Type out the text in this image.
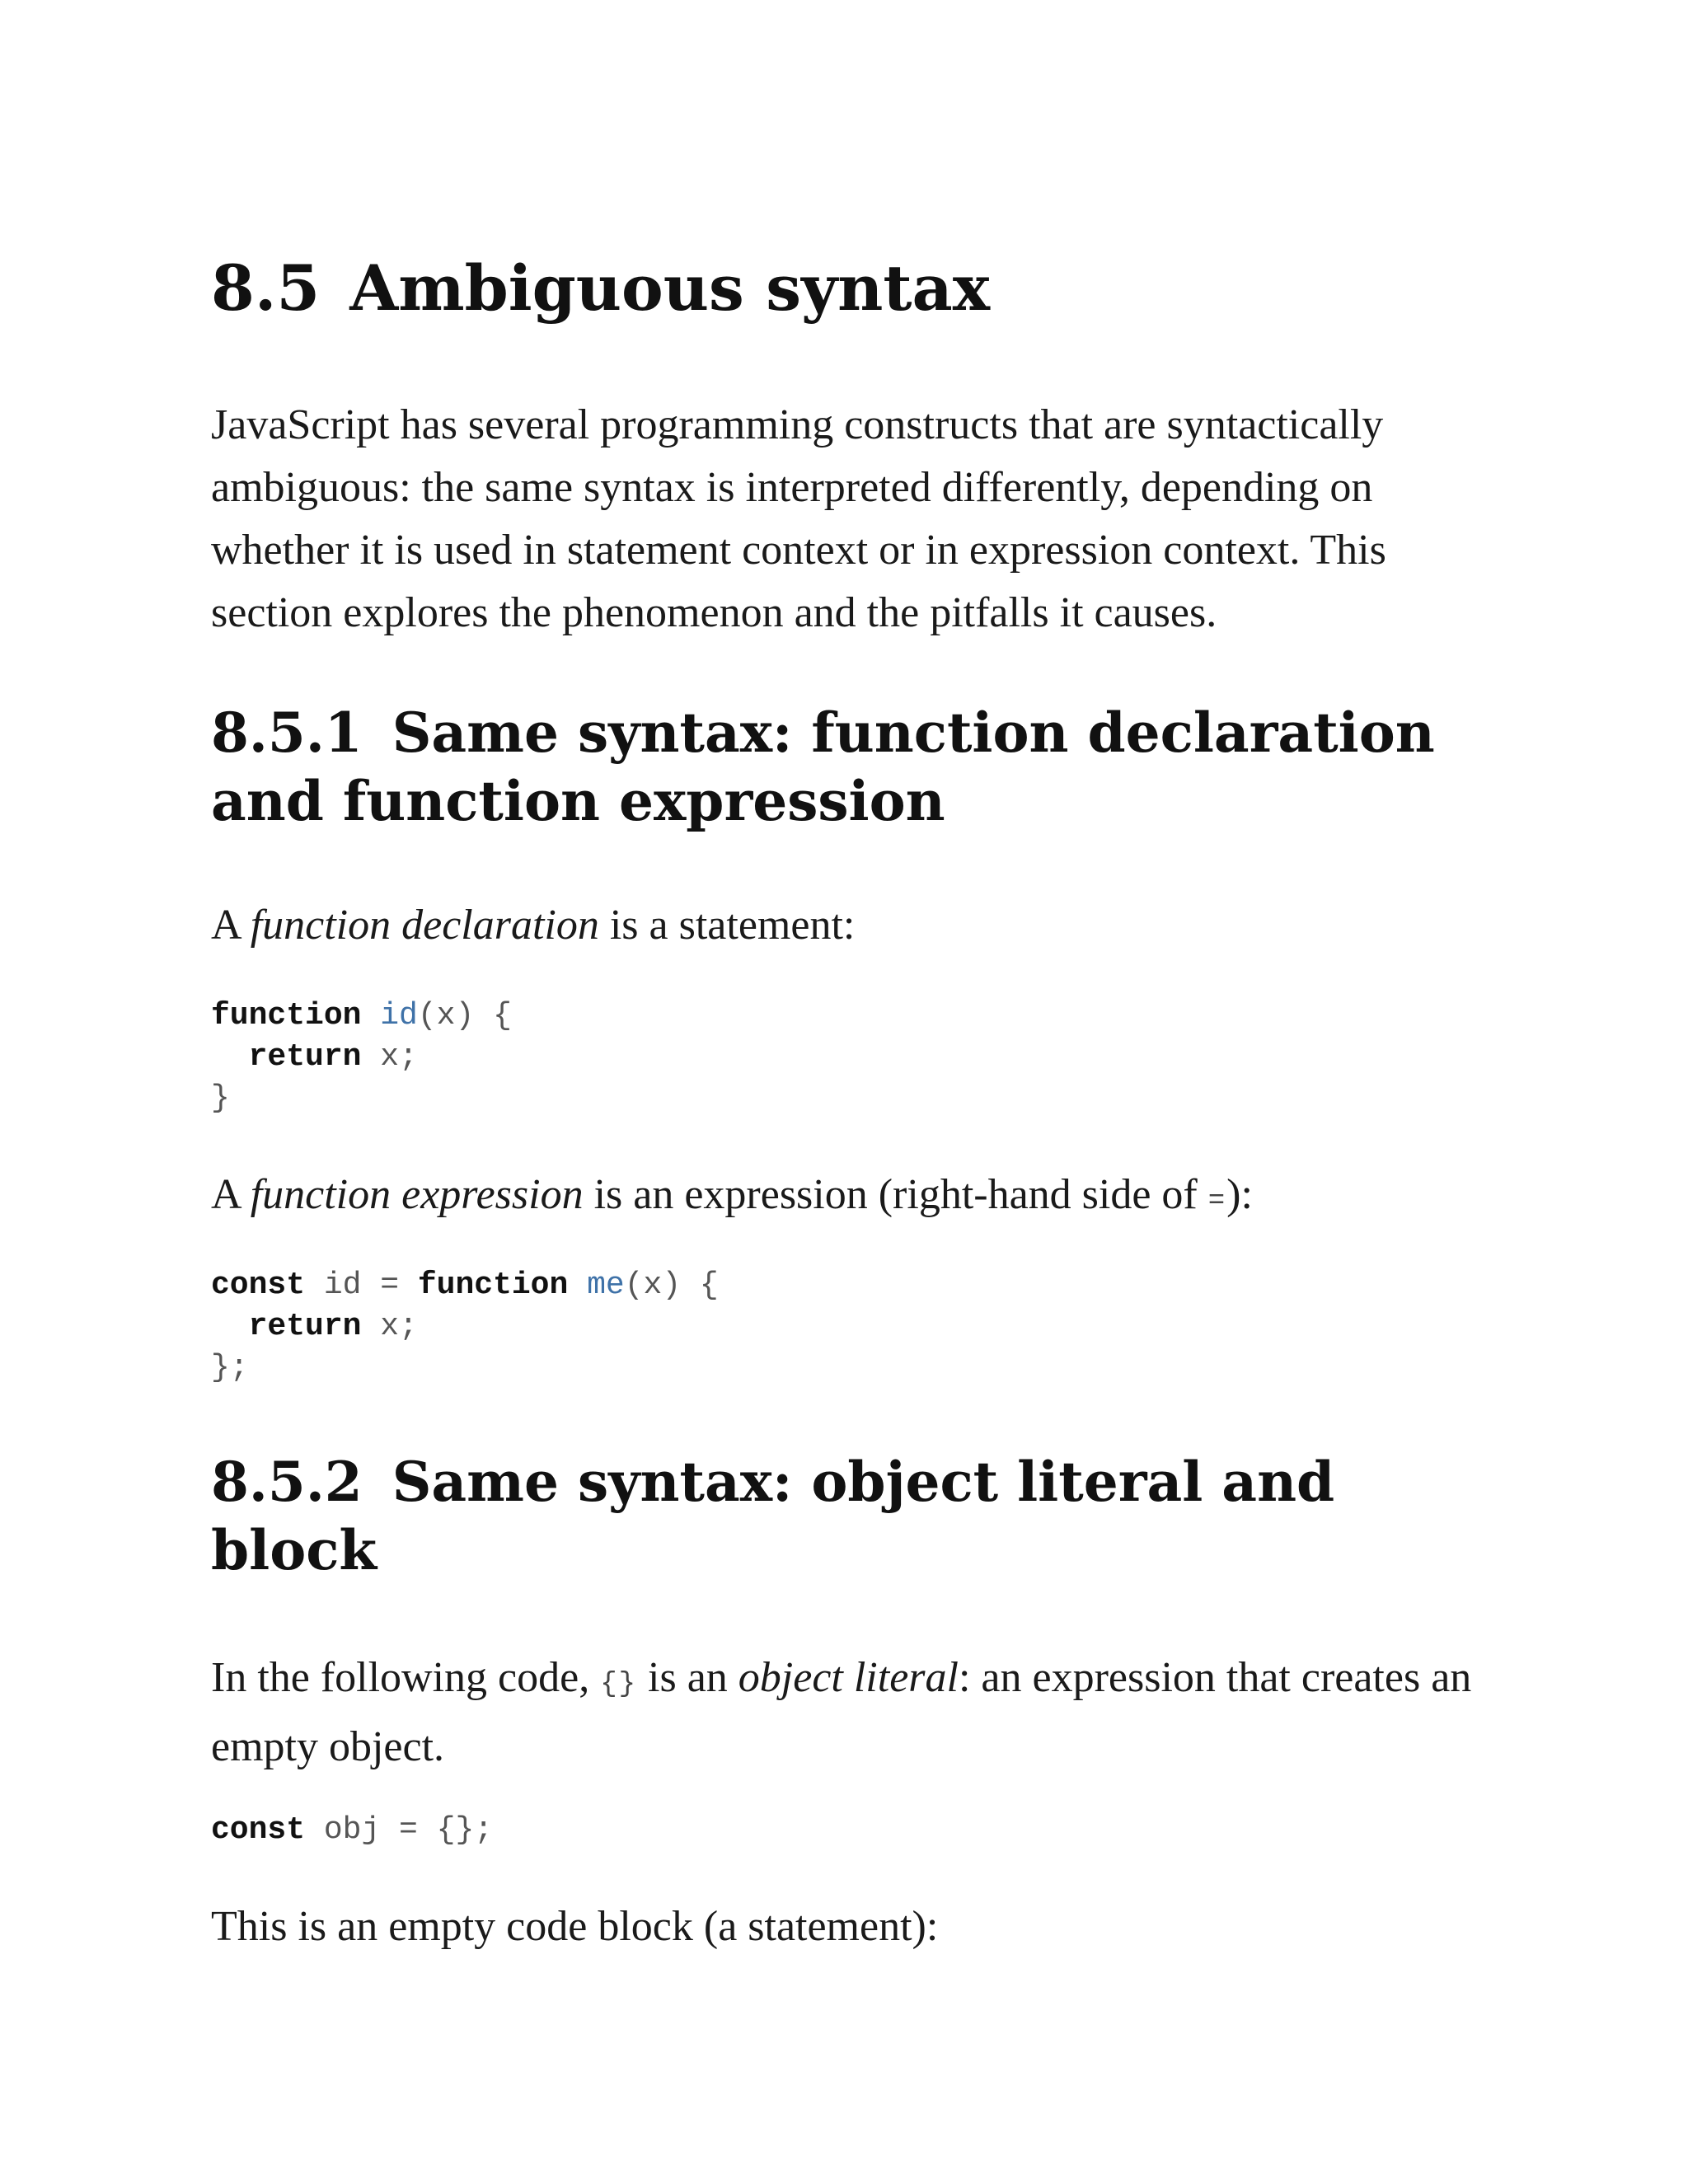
8.5 Ambiguous syntax

JavaScript has several programming constructs that are syntactically ambiguous: the same syntax is interpreted differently, depending on whether it is used in statement context or in expression context. This section explores the phenomenon and the pitfalls it causes.

8.5.1 Same syntax: function declaration and function expression

A function declaration is a statement:

function id(x) {
return x;
}

A function expression is an expression (right-hand side of =):

const id = function me(x) {
return x;
};
8.5.2 Same syntax: object literal and block

In the following code, {} is an object literal: an expression that creates an empty object.

const obj = {};

This is an empty code block (a statement):
